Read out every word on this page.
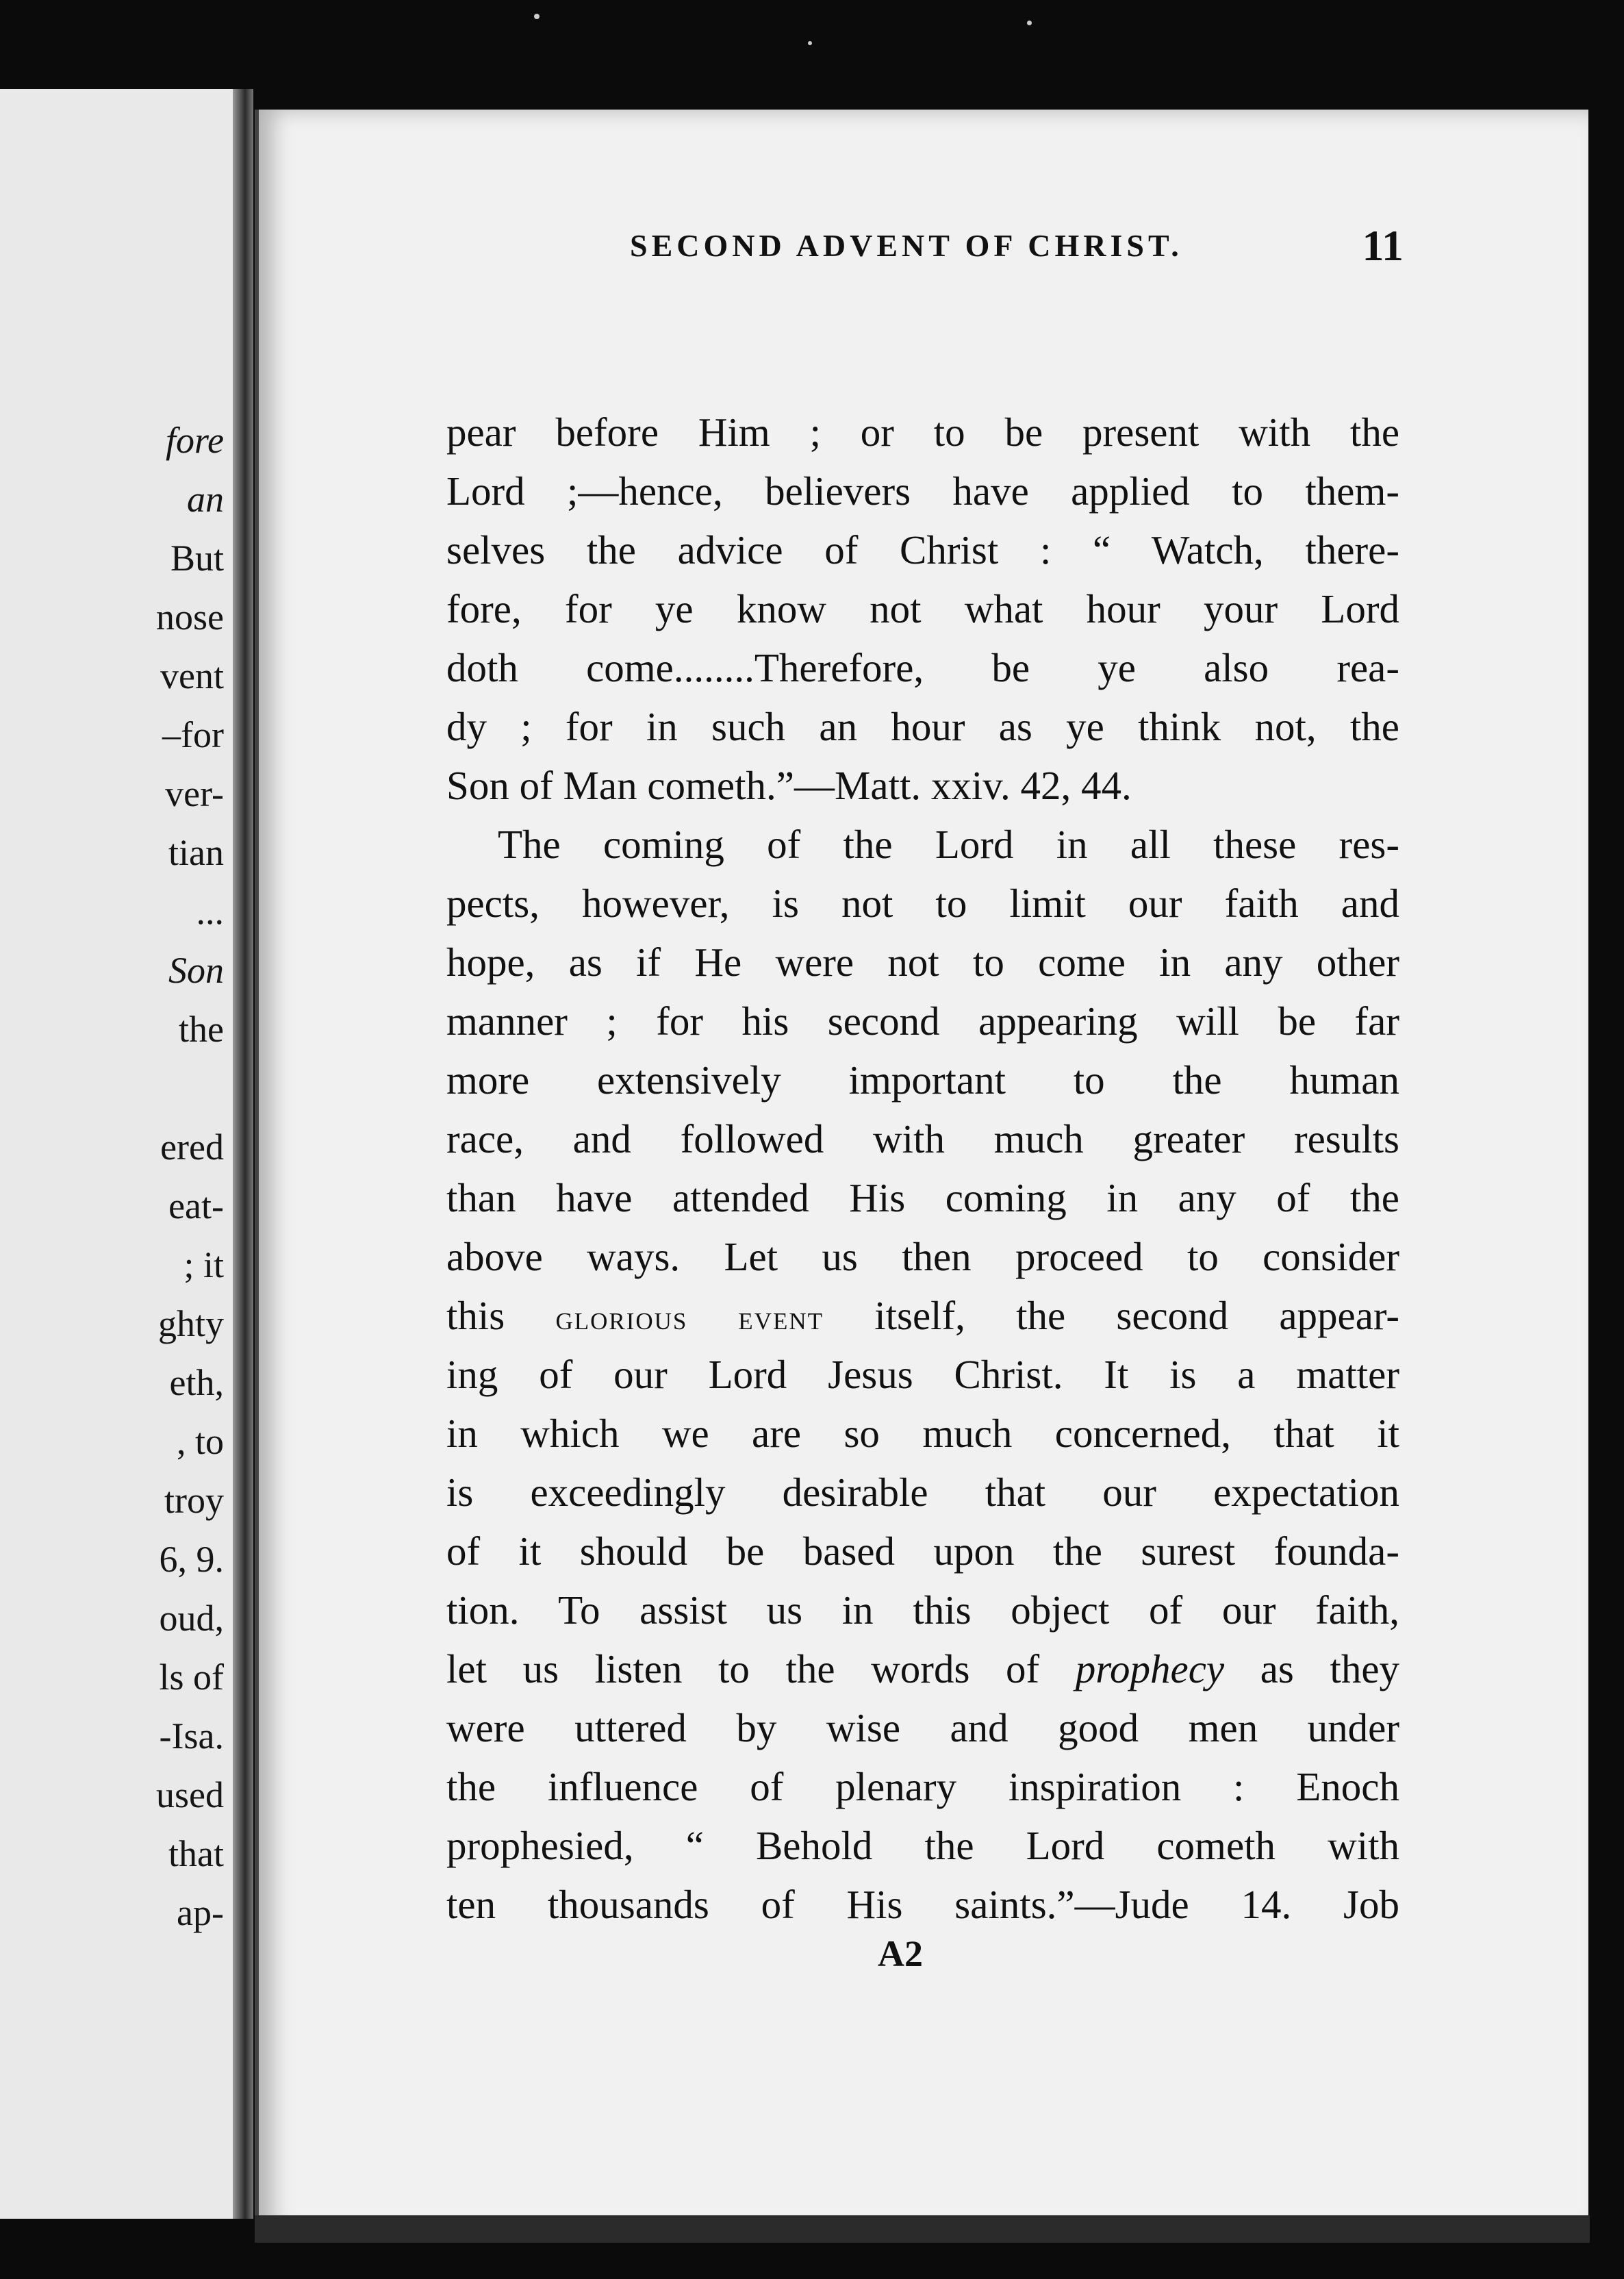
fore
an
But
nose
vent
–for
ver-
tian
...
Son
the
ered
eat-
; it
ghty
eth,
, to
troy
6, 9.
oud,
ls of
-Isa.
used
that
ap-
SECOND ADVENT OF CHRIST.	11
pear before Him ; or to be present with the
Lord ;—hence, believers have applied to them-
selves the advice of Christ : “ Watch, there-
fore, for ye know not what hour your Lord
doth come........Therefore, be ye also rea-
dy ; for in such an hour as ye think not, the
Son of Man cometh.”—Matt. xxiv. 42, 44.
The coming of the Lord in all these res-
pects, however, is not to limit our faith and
hope, as if He were not to come in any other
manner ; for his second appearing will be far
more extensively important to the human
race, and followed with much greater results
than have attended His coming in any of the
above ways. Let us then proceed to consider
this glorious event itself, the second appear-
ing of our Lord Jesus Christ. It is a matter
in which we are so much concerned, that it
is exceedingly desirable that our expectation
of it should be based upon the surest founda-
tion. To assist us in this object of our faith,
let us listen to the words of prophecy as they
were uttered by wise and good men under
the influence of plenary inspiration : Enoch
prophesied, “ Behold the Lord cometh with
ten thousands of His saints.”—Jude 14. Job
A2
